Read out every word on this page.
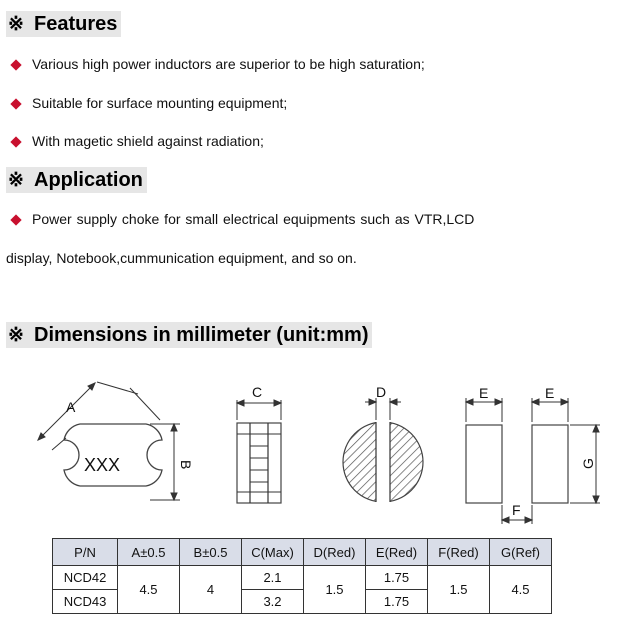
※ Features
Various high power inductors are superior to be high saturation;
Suitable for surface mounting equipment;
With magetic shield against radiation;
※ Application
Power supply choke for small electrical equipments such as VTR,LCD
display, Notebook,cummunication equipment, and so on.
※ Dimensions in millimeter (unit:mm)
XXX
A
B
C	D	E	E
F
G
P/N	A±0.5	B±0.5	C(Max)	D(Red)	E(Red)	F(Red)	G(Ref)
NCD42	4.5	4	2.1	1.5	1.75	1.5	4.5
NCD43			3.2		1.75		
